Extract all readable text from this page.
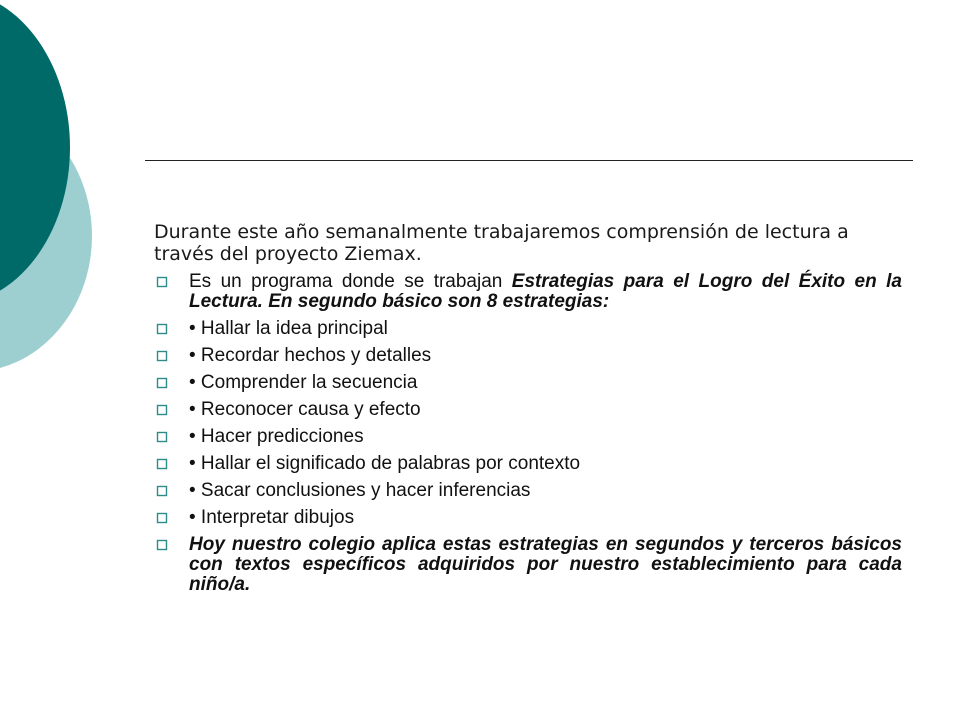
Durante este año semanalmente trabajaremos comprensión de lectura a través del proyecto Ziemax.

Es un programa donde se trabajan Estrategias para el Logro del Éxito en la Lectura. En segundo básico son 8 estrategias:
• Hallar la idea principal
• Recordar hechos y detalles
• Comprender la secuencia
• Reconocer causa y efecto
• Hacer predicciones
• Hallar el significado de palabras por contexto
• Sacar conclusiones y hacer inferencias
• Interpretar dibujos
Hoy nuestro colegio aplica estas estrategias en segundos y terceros básicos con textos específicos adquiridos por nuestro establecimiento para cada niño/a.
